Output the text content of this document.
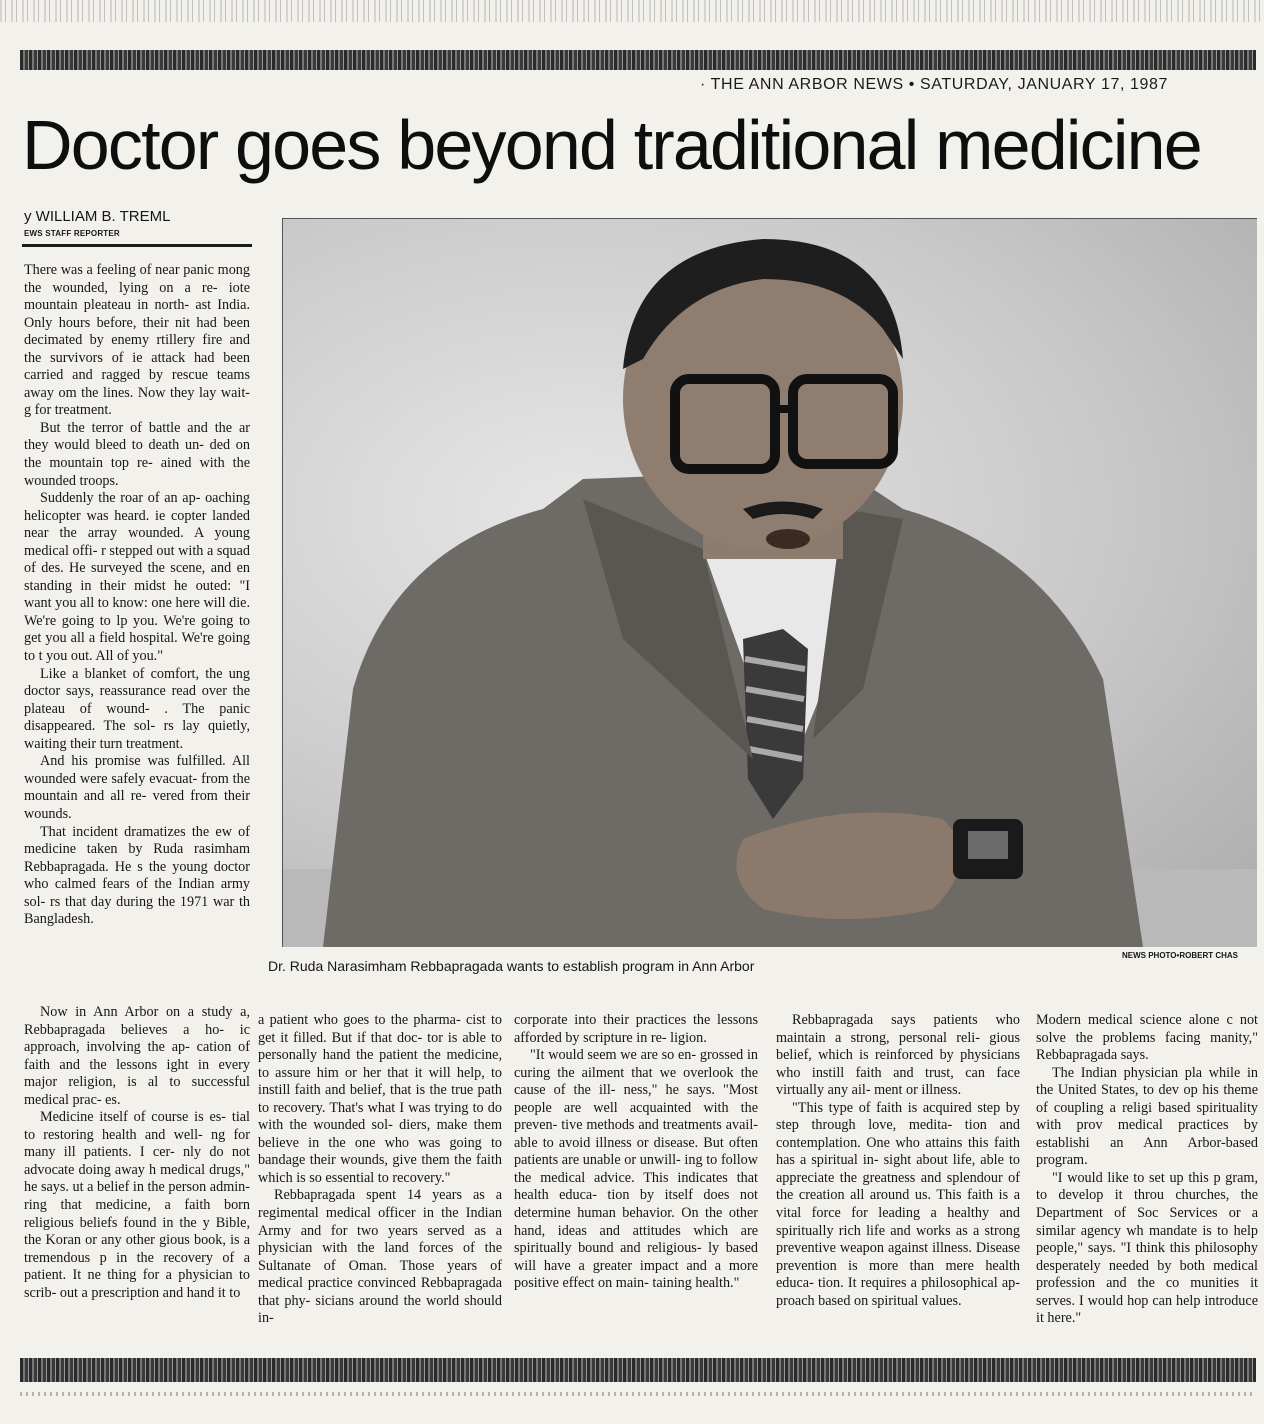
· THE ANN ARBOR NEWS • SATURDAY, JANUARY 17, 1987
Doctor goes beyond traditional medicine
y WILLIAM B. TREML
EWS STAFF REPORTER
Dr. Ruda Narasimham Rebbapragada wants to establish program in Ann Arbor
NEWS PHOTO•ROBERT CHAS

There was a feeling of near panic mong the wounded, lying on a re- iote mountain pleateau in north- ast India. Only hours before, their nit had been decimated by enemy rtillery fire and the survivors of ie attack had been carried and ragged by rescue teams away om the lines. Now they lay wait- g for treatment.

But the terror of battle and the ar they would bleed to death un- ded on the mountain top re- ained with the wounded troops.

Suddenly the roar of an ap- oaching helicopter was heard. ie copter landed near the array wounded. A young medical offi- r stepped out with a squad of des. He surveyed the scene, and en standing in their midst he outed: "I want you all to know: one here will die. We're going to lp you. We're going to get you all a field hospital. We're going to t you out. All of you."

Like a blanket of comfort, the ung doctor says, reassurance read over the plateau of wound- . The panic disappeared. The sol- rs lay quietly, waiting their turn treatment.

And his promise was fulfilled. All wounded were safely evacuat- from the mountain and all re- vered from their wounds.

That incident dramatizes the ew of medicine taken by Ruda rasimham Rebbapragada. He s the young doctor who calmed fears of the Indian army sol- rs that day during the 1971 war th Bangladesh.

Now in Ann Arbor on a study a, Rebbapragada believes a ho- ic approach, involving the ap- cation of faith and the lessons ight in every major religion, is al to successful medical prac- es.

Medicine itself of course is es- tial to restoring health and well- ng for many ill patients. I cer- nly do not advocate doing away h medical drugs," he says. ut a belief in the person admin- ring that medicine, a faith born religious beliefs found in the y Bible, the Koran or any other gious book, is a tremendous p in the recovery of a patient. It ne thing for a physician to scrib- out a prescription and hand it to

a patient who goes to the pharma- cist to get it filled. But if that doc- tor is able to personally hand the patient the medicine, to assure him or her that it will help, to instill faith and belief, that is the true path to recovery. That's what I was trying to do with the wounded sol- diers, make them believe in the one who was going to bandage their wounds, give them the faith which is so essential to recovery."

Rebbapragada spent 14 years as a regimental medical officer in the Indian Army and for two years served as a physician with the land forces of the Sultanate of Oman. Those years of medical practice convinced Rebbapragada that phy- sicians around the world should in-

corporate into their practices the lessons afforded by scripture in re- ligion.

"It would seem we are so en- grossed in curing the ailment that we overlook the cause of the ill- ness," he says. "Most people are well acquainted with the preven- tive methods and treatments avail- able to avoid illness or disease. But often patients are unable or unwill- ing to follow the medical advice. This indicates that health educa- tion by itself does not determine human behavior. On the other hand, ideas and attitudes which are spiritually bound and religious- ly based will have a greater impact and a more positive effect on main- taining health."

Rebbapragada says patients who maintain a strong, personal reli- gious belief, which is reinforced by physicians who instill faith and trust, can face virtually any ail- ment or illness.

"This type of faith is acquired step by step through love, medita- tion and contemplation. One who attains this faith has a spiritual in- sight about life, able to appreciate the greatness and splendour of the creation all around us. This faith is a vital force for leading a healthy and spiritually rich life and works as a strong preventive weapon against illness. Disease prevention is more than mere health educa- tion. It requires a philosophical ap- proach based on spiritual values.

Modern medical science alone c not solve the problems facing manity," Rebbapragada says.

The Indian physician pla while in the United States, to dev op his theme of coupling a religi based spirituality with prov medical practices by establishi an Ann Arbor-based program.

"I would like to set up this p gram, to develop it throu churches, the Department of Soc Services or a similar agency wh mandate is to help people," says. "I think this philosophy desperately needed by both medical profession and the co munities it serves. I would hop can help introduce it here."
